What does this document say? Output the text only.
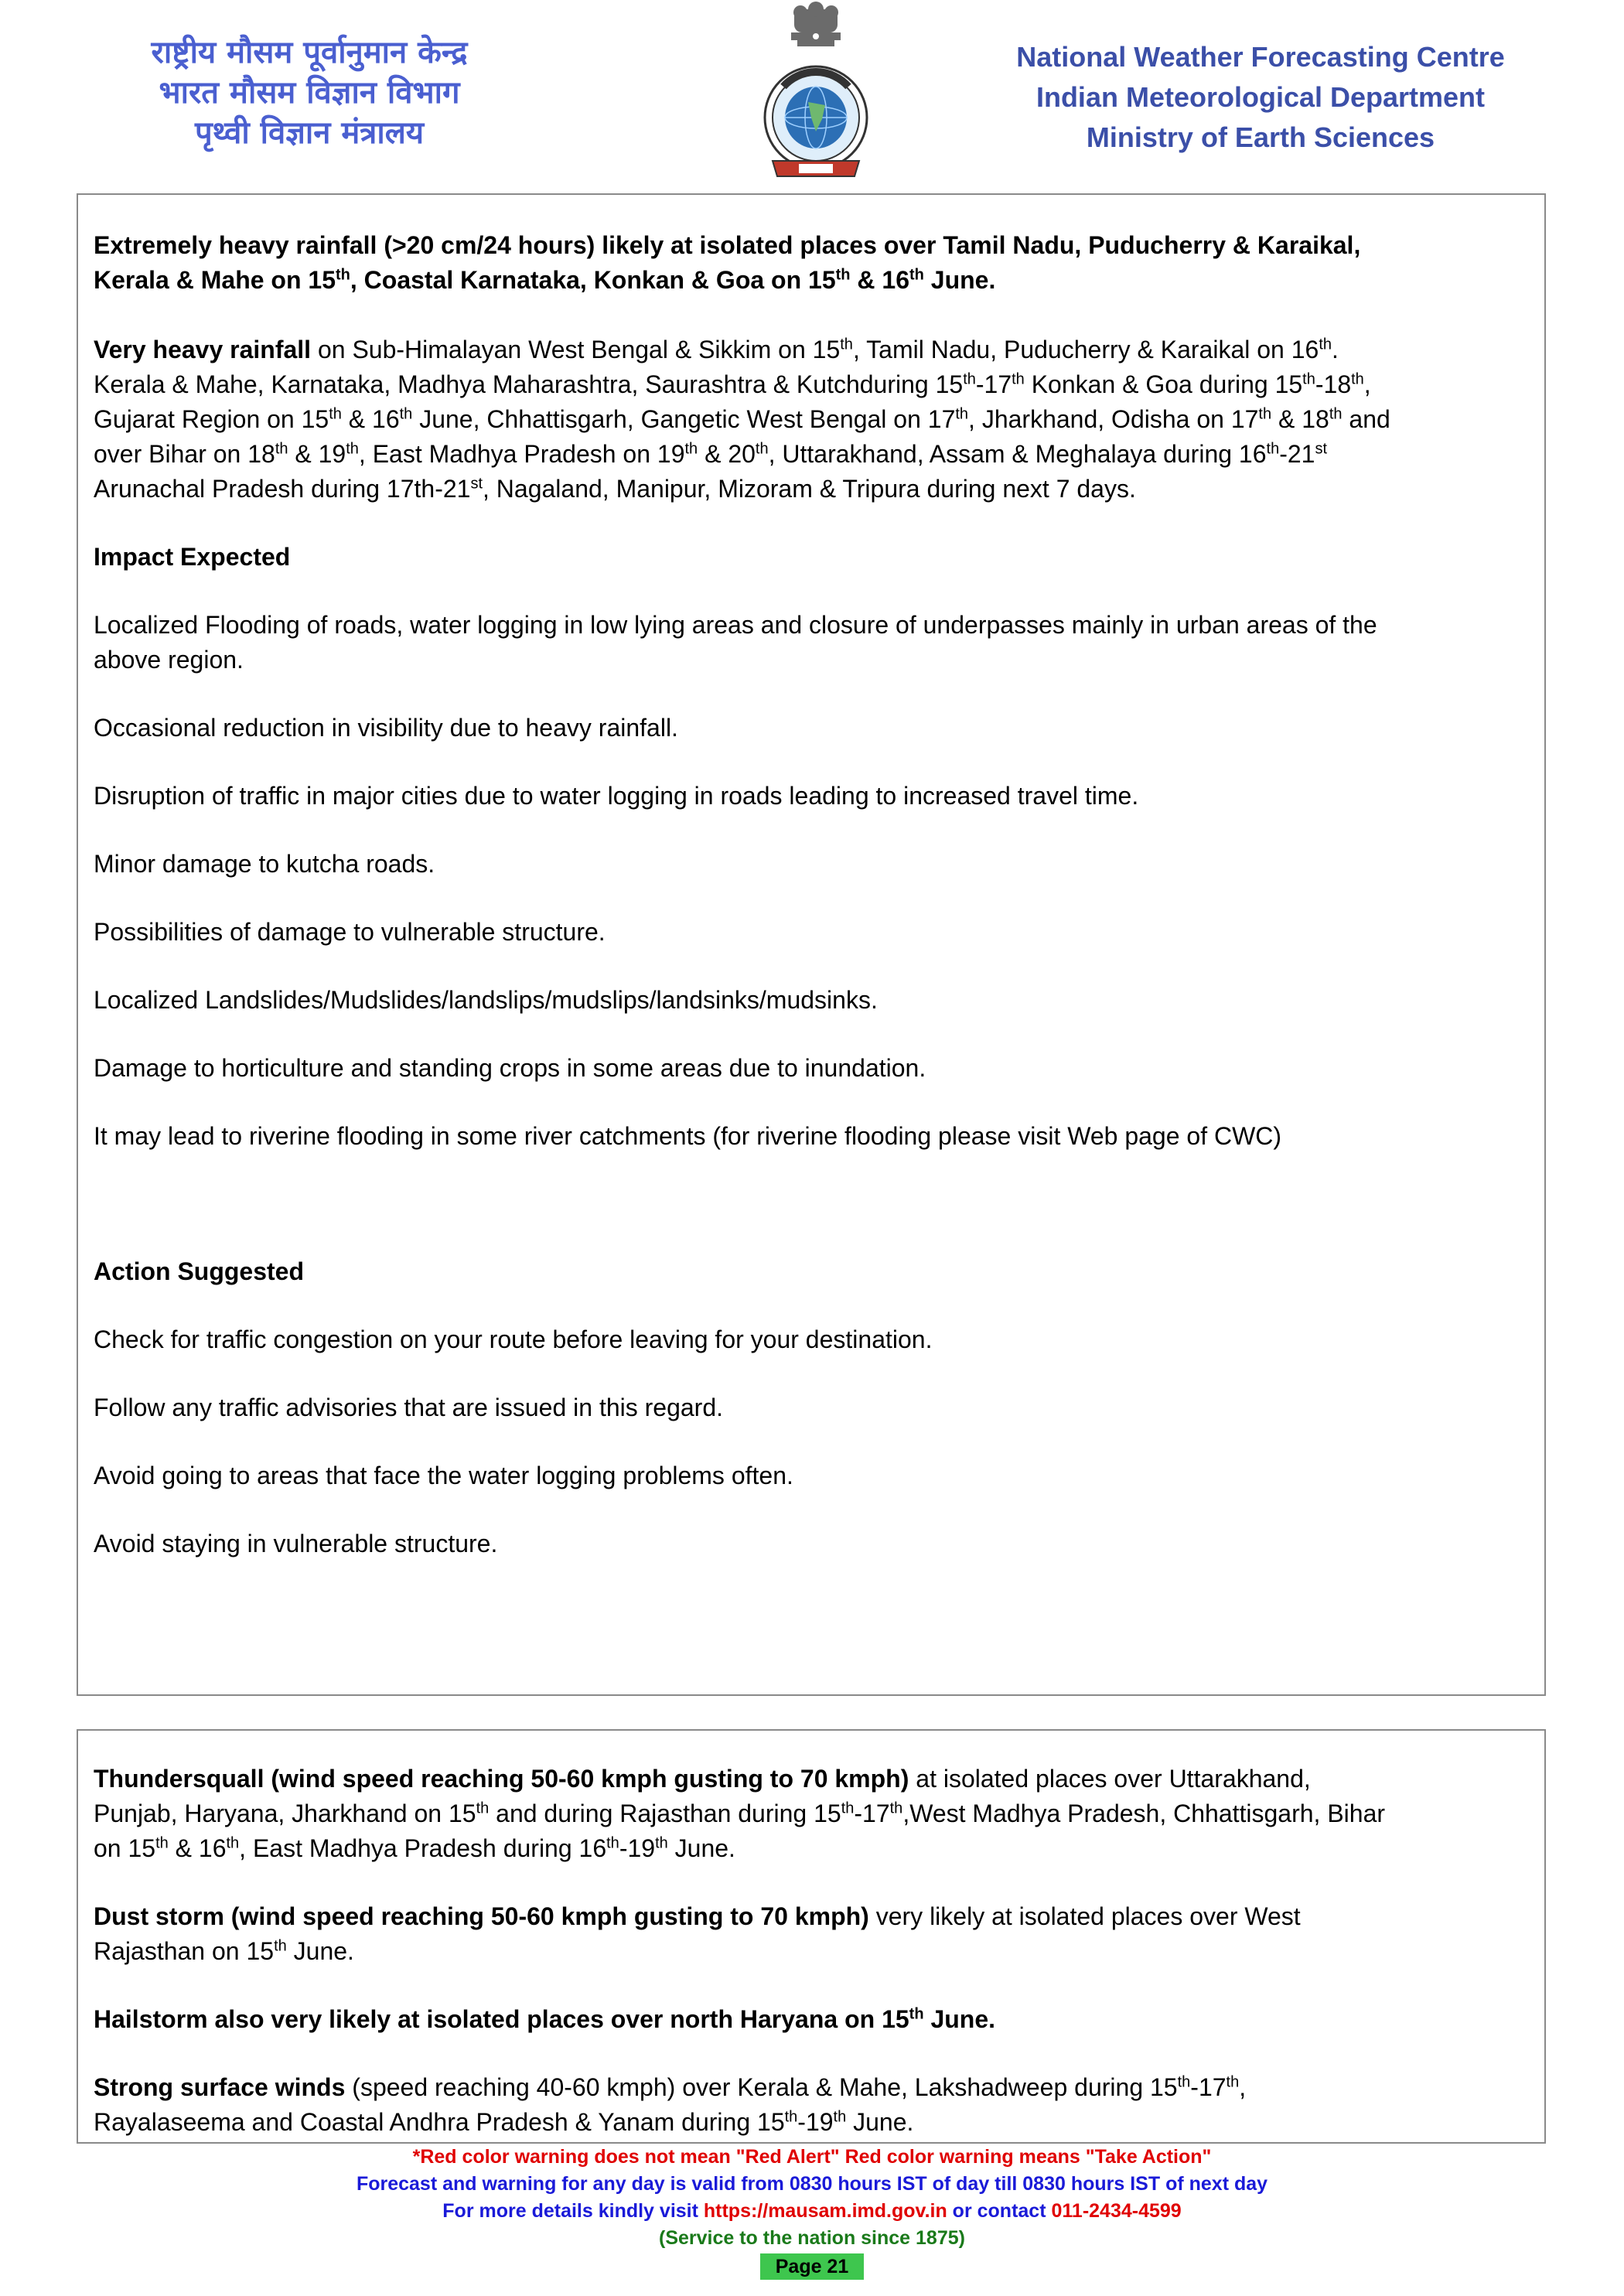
राष्ट्रीय मौसम पूर्वानुमान केन्द्र
भारत मौसम विज्ञान विभाग
पृथ्वी विज्ञान मंत्रालय
National Weather Forecasting Centre
Indian Meteorological Department
Ministry of Earth Sciences

Extremely heavy rainfall (>20 cm/24 hours) likely at isolated places over Tamil Nadu, Puducherry & Karaikal,

Kerala & Mahe on 15th, Coastal Karnataka, Konkan & Goa on 15th & 16th June.

Very heavy rainfall on Sub-Himalayan West Bengal & Sikkim on 15th, Tamil Nadu, Puducherry & Karaikal on 16th.

Kerala & Mahe, Karnataka, Madhya Maharashtra, Saurashtra & Kutchduring 15th-17th Konkan & Goa during 15th-18th,

Gujarat Region on 15th & 16th June, Chhattisgarh, Gangetic West Bengal on 17th, Jharkhand, Odisha on 17th & 18th and

over Bihar on 18th & 19th, East Madhya Pradesh on 19th & 20th, Uttarakhand, Assam & Meghalaya during 16th-21st

Arunachal Pradesh during 17th-21st, Nagaland, Manipur, Mizoram & Tripura during next 7 days.

Impact Expected

Localized Flooding of roads, water logging in low lying areas and closure of underpasses mainly in urban areas of the

above region.

Occasional reduction in visibility due to heavy rainfall.

Disruption of traffic in major cities due to water logging in roads leading to increased travel time.

Minor damage to kutcha roads.

Possibilities of damage to vulnerable structure.

Localized Landslides/Mudslides/landslips/mudslips/landsinks/mudsinks.

Damage to horticulture and standing crops in some areas due to inundation.

It may lead to riverine flooding in some river catchments (for riverine flooding please visit Web page of CWC)

Action Suggested

Check for traffic congestion on your route before leaving for your destination.

Follow any traffic advisories that are issued in this regard.

Avoid going to areas that face the water logging problems often.

Avoid staying in vulnerable structure.

Thundersquall (wind speed reaching 50-60 kmph gusting to 70 kmph) at isolated places over Uttarakhand,

Punjab, Haryana, Jharkhand on 15th and during Rajasthan during 15th-17th,West Madhya Pradesh, Chhattisgarh, Bihar

on 15th & 16th, East Madhya Pradesh during 16th-19th June.

Dust storm (wind speed reaching 50-60 kmph gusting to 70 kmph) very likely at isolated places over West

Rajasthan on 15th June.

Hailstorm also very likely at isolated places over north Haryana on 15th June.

Strong surface winds (speed reaching 40-60 kmph) over Kerala & Mahe, Lakshadweep during 15th-17th,

Rayalaseema and Coastal Andhra Pradesh & Yanam during 15th-19th June.

*Red color warning does not mean "Red Alert" Red color warning means "Take Action"
Forecast and warning for any day is valid from 0830 hours IST of day till 0830 hours IST of next day
For more details kindly visit https://mausam.imd.gov.in or contact 011-2434-4599
(Service to the nation since 1875)
Page 21
